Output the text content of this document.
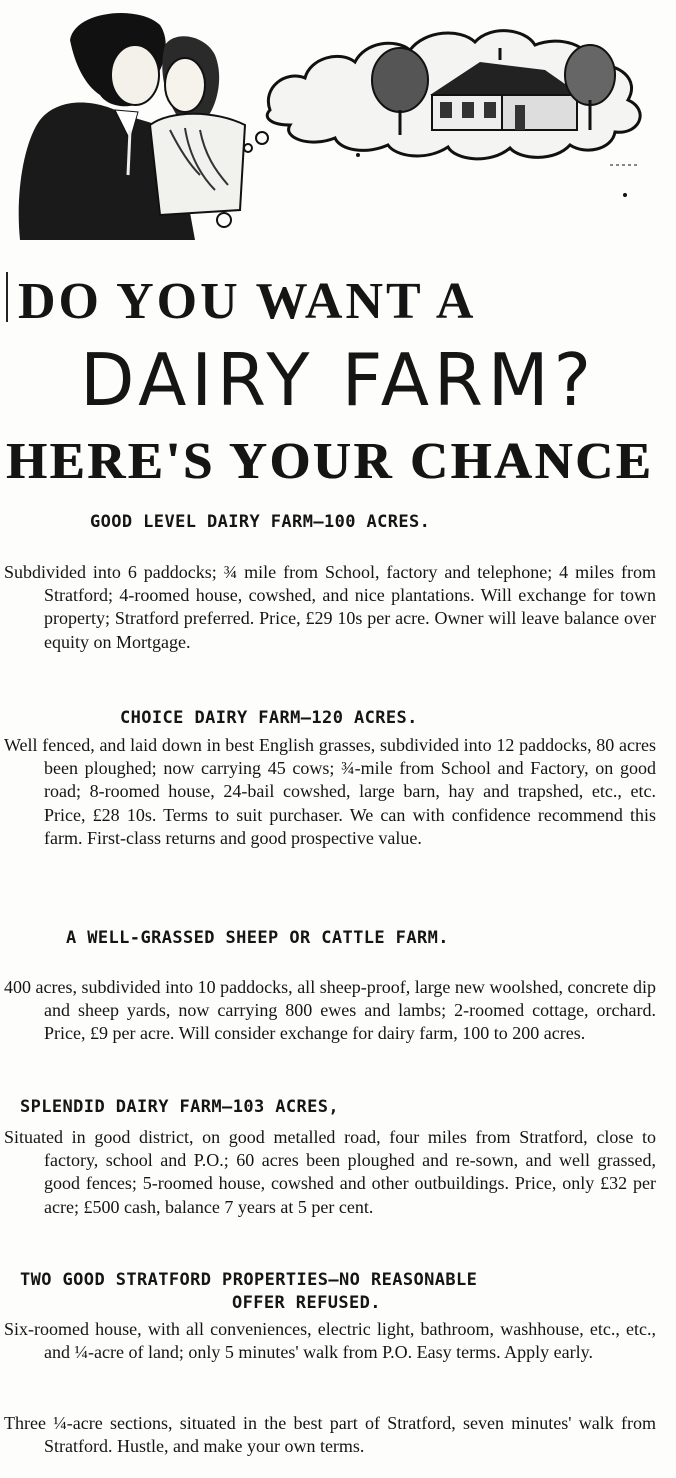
DO YOU WANT A
DAIRY FARM?
HERE'S YOUR CHANCE
GOOD LEVEL DAIRY FARM—100 ACRES.
Subdivided into 6 paddocks; ¾ mile from School, factory and telephone; 4 miles from Stratford; 4-roomed house, cowshed, and nice plantations. Will exchange for town property; Stratford preferred. Price, £29 10s per acre. Owner will leave balance over equity on Mortgage.
CHOICE DAIRY FARM—120 ACRES.
Well fenced, and laid down in best English grasses, subdivided into 12 paddocks, 80 acres been ploughed; now carrying 45 cows; ¾-mile from School and Factory, on good road; 8-roomed house, 24-bail cowshed, large barn, hay and trapshed, etc., etc. Price, £28 10s. Terms to suit purchaser. We can with confidence recommend this farm. First-class returns and good prospective value.
A WELL-GRASSED SHEEP OR CATTLE FARM.
400 acres, subdivided into 10 paddocks, all sheep-proof, large new woolshed, concrete dip and sheep yards, now carrying 800 ewes and lambs; 2-roomed cottage, orchard. Price, £9 per acre. Will consider exchange for dairy farm, 100 to 200 acres.
SPLENDID DAIRY FARM—103 ACRES,
Situated in good district, on good metalled road, four miles from Stratford, close to factory, school and P.O.; 60 acres been ploughed and re-sown, and well grassed, good fences; 5-roomed house, cowshed and other outbuildings. Price, only £32 per acre; £500 cash, balance 7 years at 5 per cent.
TWO GOOD STRATFORD PROPERTIES—NO REASONABLE
OFFER REFUSED.
Six-roomed house, with all conveniences, electric light, bathroom, washhouse, etc., etc., and ¼-acre of land; only 5 minutes' walk from P.O. Easy terms. Apply early.
Three ¼-acre sections, situated in the best part of Stratford, seven minutes' walk from Stratford. Hustle, and make your own terms.
